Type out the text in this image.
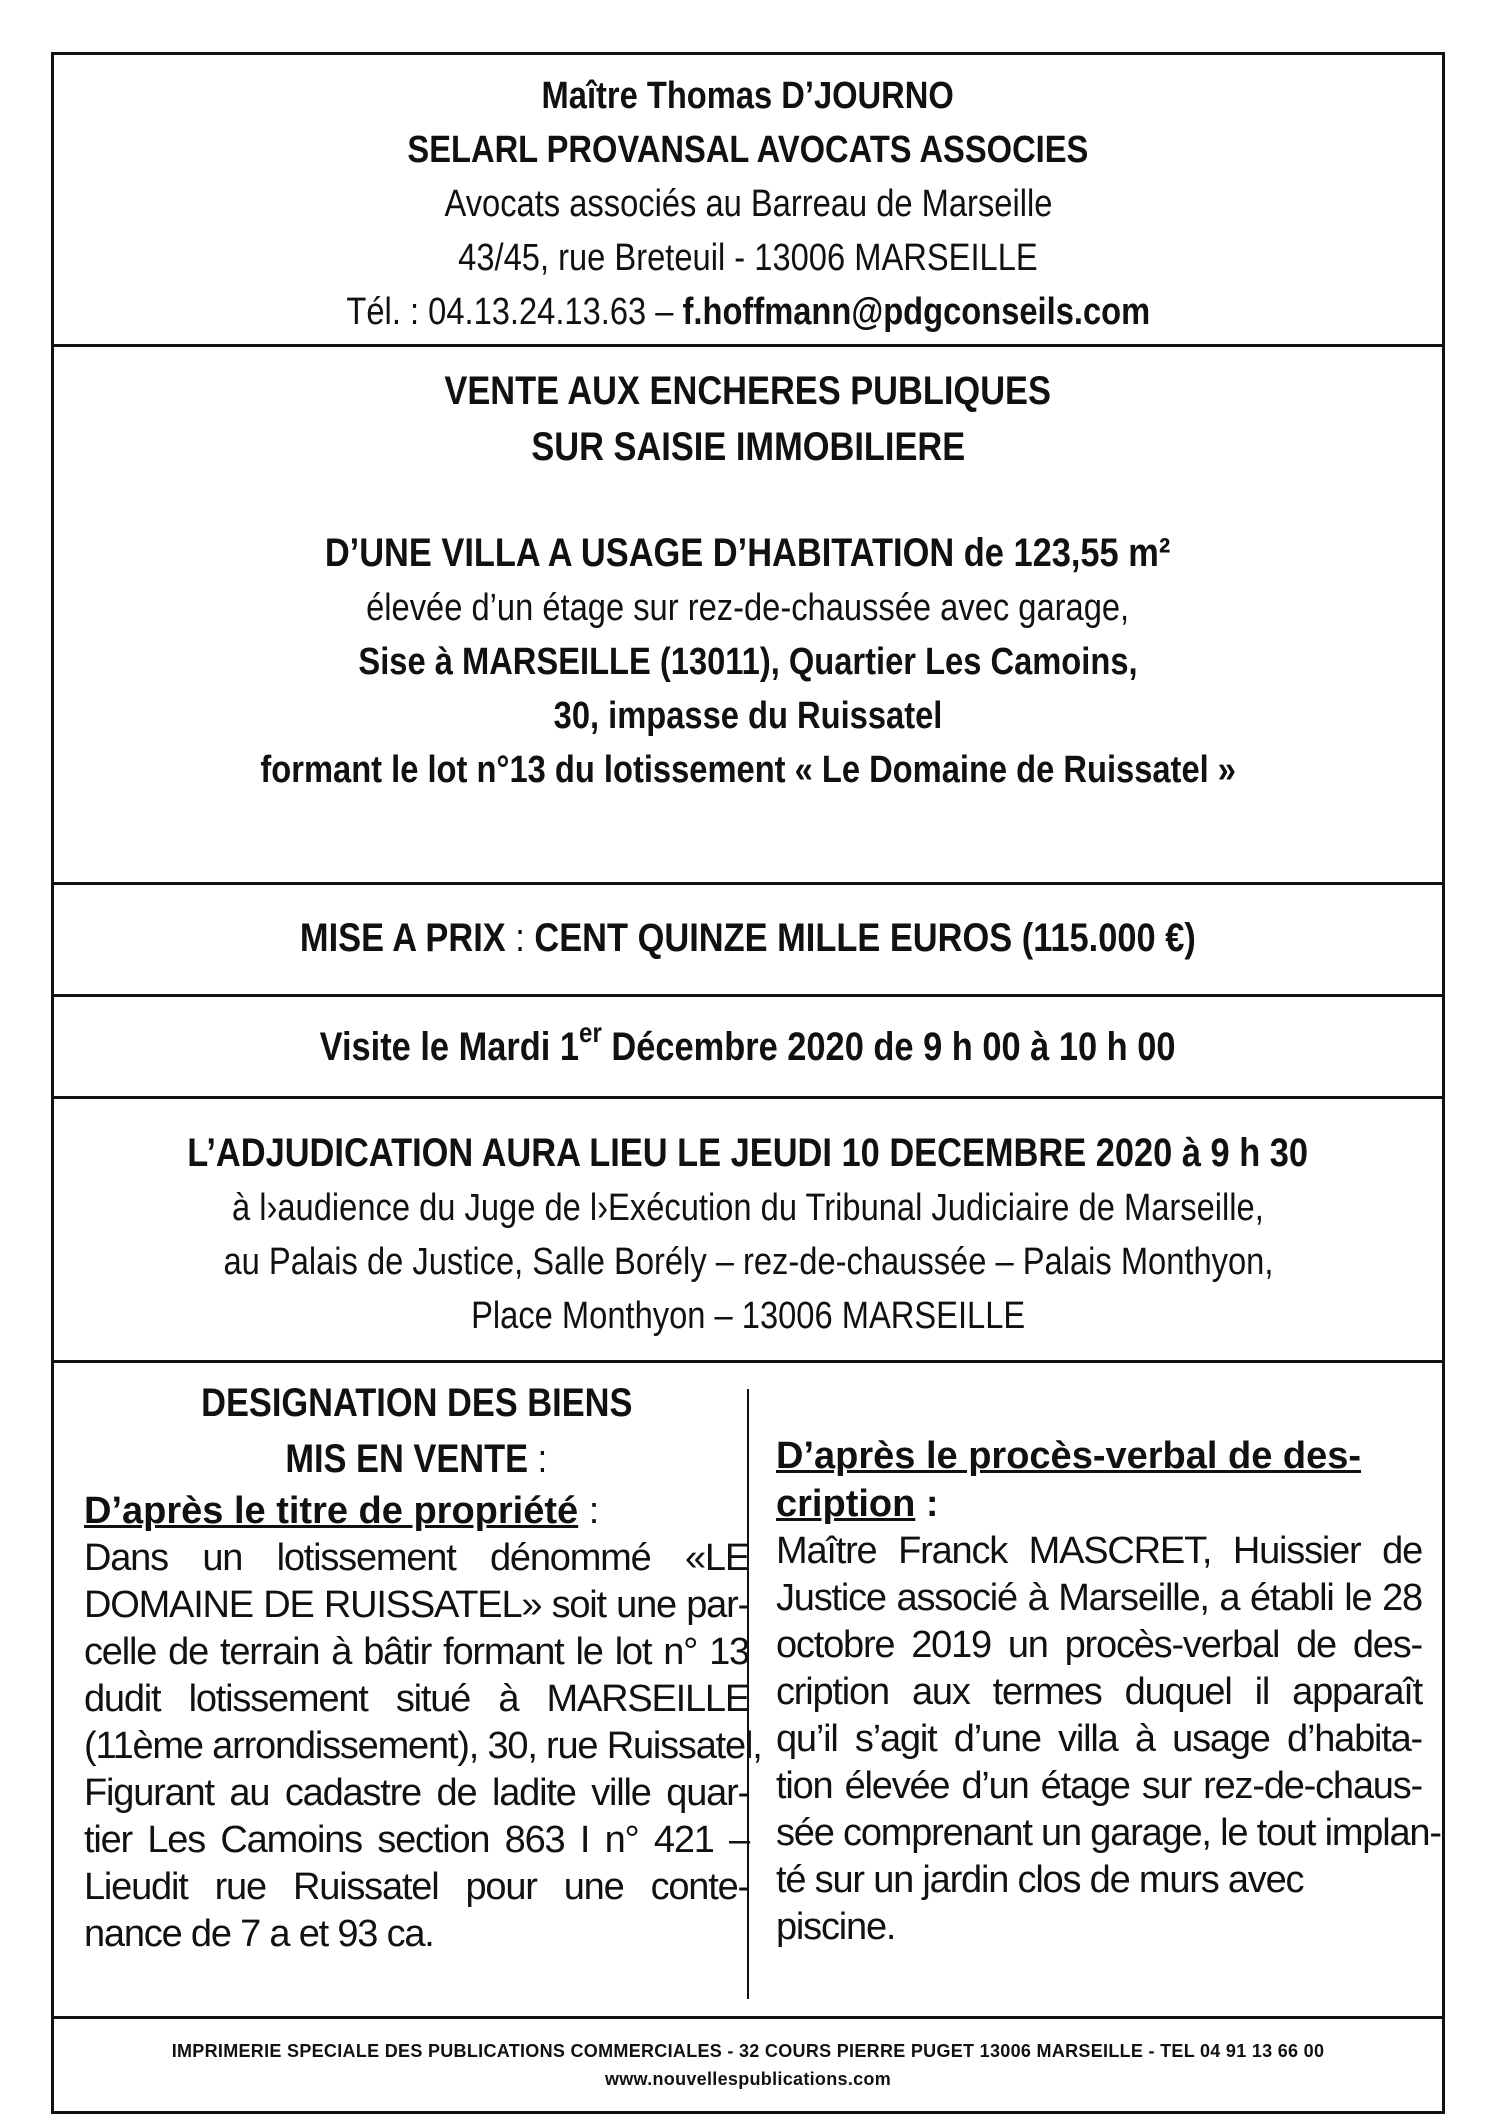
Maître Thomas D’JOURNO
SELARL PROVANSAL AVOCATS ASSOCIES
Avocats associés au Barreau de Marseille
43/45, rue Breteuil - 13006 MARSEILLE
Tél. : 04.13.24.13.63 – f.hoffmann@pdgconseils.com
VENTE AUX ENCHERES PUBLIQUES
SUR SAISIE IMMOBILIERE
D’UNE VILLA A USAGE D’HABITATION de 123,55 m²
élevée d’un étage sur rez-de-chaussée avec garage,
Sise à MARSEILLE (13011), Quartier Les Camoins,
30, impasse du Ruissatel
formant le lot n°13 du lotissement « Le Domaine de Ruissatel »
MISE A PRIX : CENT QUINZE MILLE EUROS (115.000 €)
Visite le Mardi 1er Décembre 2020 de 9 h 00 à 10 h 00
L’ADJUDICATION AURA LIEU LE JEUDI 10 DECEMBRE 2020 à 9 h 30
à l›audience du Juge de l›Exécution du Tribunal Judiciaire de Marseille,
au Palais de Justice, Salle Borély – rez-de-chaussée – Palais Monthyon,
Place Monthyon – 13006 MARSEILLE
DESIGNATION DES BIENS
MIS EN VENTE :
D’après le titre de propriété :
Dans un lotissement dénommé «LE
DOMAINE DE RUISSATEL» soit une par-
celle de terrain à bâtir formant le lot n° 13
dudit lotissement situé à MARSEILLE
(11ème arrondissement), 30, rue Ruissatel,
Figurant au cadastre de ladite ville quar-
tier Les Camoins section 863 I n° 421 –
Lieudit rue Ruissatel pour une conte-
nance de 7 a et 93 ca.
D’après le procès-verbal de des-
cription :
Maître Franck MASCRET, Huissier de
Justice associé à Marseille, a établi le 28
octobre 2019 un procès-verbal de des-
cription aux termes duquel il apparaît
qu’il s’agit d’une villa à usage d’habita-
tion élevée d’un étage sur rez-de-chaus-
sée comprenant un garage, le tout implan-
té sur un jardin clos de murs avec piscine.
IMPRIMERIE SPECIALE DES PUBLICATIONS COMMERCIALES - 32 COURS PIERRE PUGET 13006 MARSEILLE - TEL 04 91 13 66 00
www.nouvellespublications.com
